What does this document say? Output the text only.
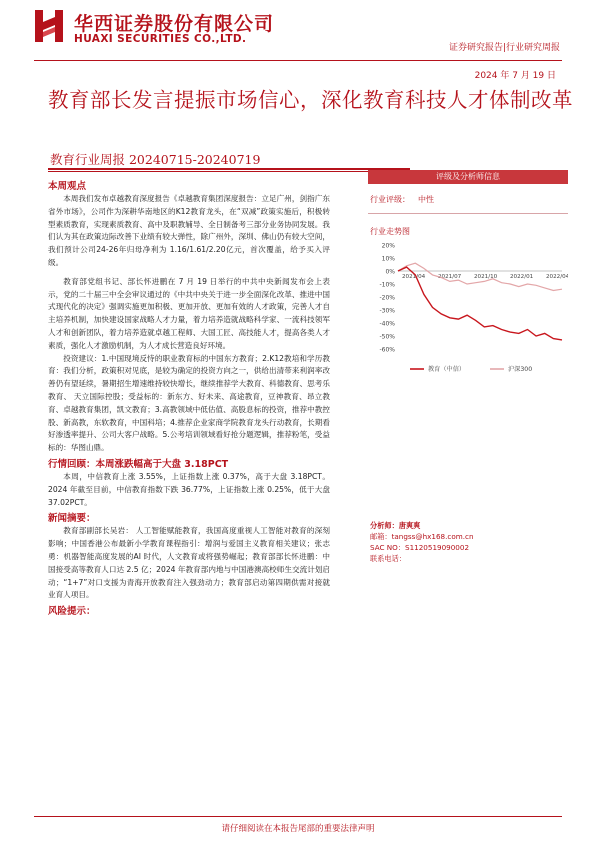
华西证券股份有限公司
HUAXI SECURITIES CO.,LTD.
证券研究报告|行业研究周报
2024 年 7 月 19 日
教育部长发言提振市场信心，深化教育科技人才体制改革
教育行业周报 20240715-20240719
本周观点

本周我们发布卓越教育深度报告《卓越教育集团深度报告：立足广州，剑指广东省外市场》，公司作为深耕华南地区的K12教育龙头，在“双减”政策实施后，积极转型素质教育，实现素质教育、高中及职教辅导、全日制备考三部分业务协同发展。我们认为其在政策边际改善下业绩有较大弹性，除广州外，深圳、佛山仍有较大空间，我们预计公司24-26年归母净利为 1.16/1.61/2.20亿元，首次覆盖，给予买入评级。

教育部党组书记、部长怀进鹏在 7 月 19 日举行的中共中央新闻发布会上表示，党的二十届三中全会审议通过的《中共中央关于进一步全面深化改革、推进中国式现代化的决定》强调实施更加积极、更加开放、更加有效的人才政策，完善人才自主培养机制，加快建设国家战略人才力量，着力培养造就战略科学家、一流科技领军人才和创新团队，着力培养造就卓越工程师、大国工匠、高技能人才，提高各类人才素质，强化人才激励机制，为人才成长营造良好环境。

投资建议：1.中国现境反恃的职业教育标的中国东方教育；2.K12教培和学历教育：我们分析，政策积对见底，是较为确定的投资方向之一，供给出清带来利润率改善仍有望延续，暑期招生增速维持较快增长，继续推荐学大教育、科德教育、思考乐教育、 天立国际控股；受益标的：新东方、好未来、高途教育，豆神教育、昂立教育、卓越教育集团，凯文教育；3.高教领域中低估值、高股息标的投资，推荐中教控股、新高教，东软教育，中国科培；4.推荐企业家商学院教育龙头行动教育，长期看好渗透率提升、公司大客户战略。5.公考培训领域看好抢分题逻辑，推荐粉笔，受益标的：华图山鼎。

行情回顾：本周涨跌幅高于大盘 3.18PCT

本周，中信教育上涨 3.55%，上证指数上涨 0.37%，高于大盘 3.18PCT。2024 年截至目前，中信教育指数下跌 36.77%，上证指数上涨 0.25%，低于大盘 37.02PCT。

新闻摘要：

教育部副部长吴岩： 人工智能赋能教育，我国高度重视人工智能对教育的深刻影响；中国香港公布最新小学教育课程指引：增润与爱国主义教育相关建议；张志勇：机器智能高度发展的AI 时代，人文教育或将强势崛起；教育部部长怀进鹏：中国接受高等教育人口达 2.5 亿；2024 年教育部内地与中国港澳高校师生交流计划启动；“1+7”对口支援为青海开放教育注入强劲动力；教育部启动第四期供需对接就业育人项目。

风险提示：
评级及分析师信息
行业评级： 中性
行业走势图
20%
10%
0%
-10%
-20%
-30%
-40%
-50%
-60%
2021/04 2021/07 2021/10 2022/01 2022/04
教育（中信）	沪深300
分析师：唐爽爽
邮箱：tangss@hx168.com.cn
SAC NO：S1120519090002
联系电话：
请仔细阅读在本报告尾部的重要法律声明
